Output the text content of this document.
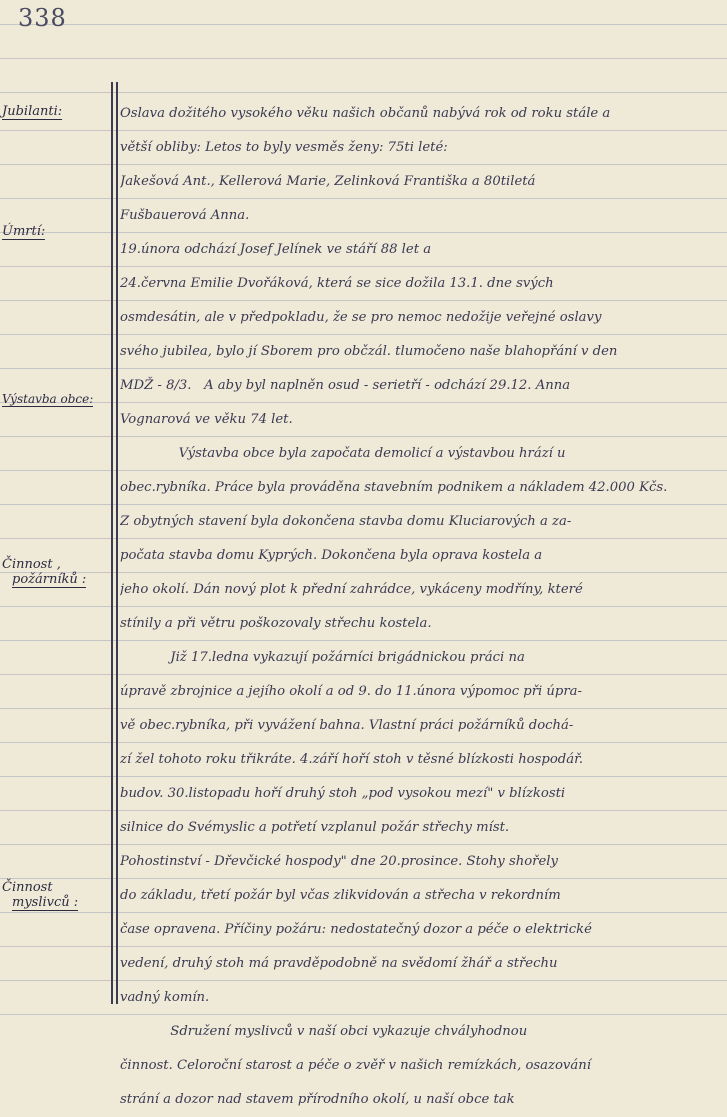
338
Jubilanti:
Úmrtí:
Výstavba obce:
Činnost ,
požárníků :
Činnost
myslivců :
Oslava dožitého vysokého věku našich občanů nabývá rok od roku stále a
větší obliby: Letos to byly vesměs ženy: 75ti leté:
Jakešová Ant., Kellerová Marie, Zelinková Františka a 80tiletá
Fušbauerová Anna.
19.února odchází Josef Jelínek ve stáří 88 let a
24.června Emilie Dvořáková, která se sice dožila 13.1. dne svých
osmdesátin, ale v předpokladu, že se pro nemoc nedožije veřejné oslavy
svého jubilea, bylo jí Sborem pro občzál. tlumočeno naše blahopřání v den
MDŽ - 8/3.   A aby byl naplněn osud - serietří - odchází 29.12. Anna
Vognarová ve věku 74 let.
Výstavba obce byla započata demolicí a výstavbou hrází u
obec.rybníka. Práce byla prováděna stavebním podnikem a nákladem 42.000 Kčs.
Z obytných stavení byla dokončena stavba domu Kluciarových a za-
počata stavba domu Kyprých. Dokončena byla oprava kostela a
jeho okolí. Dán nový plot k přední zahrádce, vykáceny modříny, které
stínily a při větru poškozovaly střechu kostela.
Již 17.ledna vykazují požárníci brigádnickou práci na
úpravě zbrojnice a jejího okolí a od 9. do 11.února výpomoc při úpra-
vě obec.rybníka, při vyvážení bahna. Vlastní práci požárníků dochá-
zí žel tohoto roku třikráte. 4.září hoří stoh v těsné blízkosti hospodář.
budov. 30.listopadu hoří druhý stoh „pod vysokou mezí" v blízkosti
silnice do Svémyslic a potřetí vzplanul požár střechy míst.
Pohostinství - Dřevčické hospody" dne 20.prosince. Stohy shořely
do základu, třetí požár byl včas zlikvidován a střecha v rekordním
čase opravena. Příčiny požáru: nedostatečný dozor a péče o elektrické
vedení, druhý stoh má pravděpodobně na svědomí žhář a střechu
vadný komín.
Sdružení myslivců v naší obci vykazuje chvályhodnou
činnost. Celoroční starost a péče o zvěř v našich remízkách, osazování
strání a dozor nad stavem přírodního okolí, u naší obce tak
